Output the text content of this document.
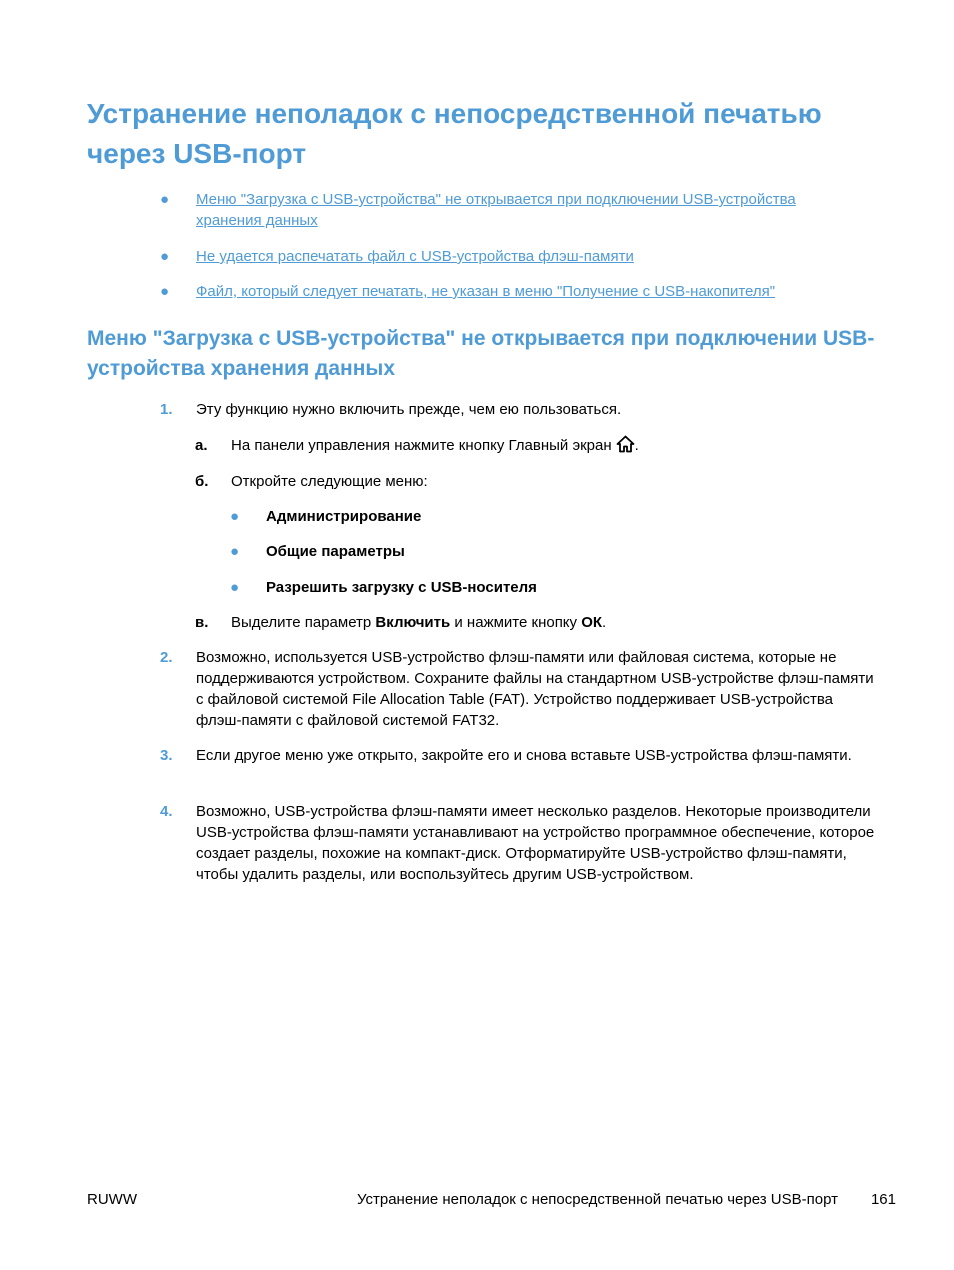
Устранение неполадок с непосредственной печатью через USB-порт
● Меню "Загрузка с USB-устройства" не открывается при подключении USB-устройства хранения данных
● Не удается распечатать файл с USB-устройства флэш-памяти
● Файл, который следует печатать, не указан в меню "Получение с USB-накопителя"
Меню "Загрузка с USB-устройства" не открывается при подключении USB-устройства хранения данных
1. Эту функцию нужно включить прежде, чем ею пользоваться.
а. На панели управления нажмите кнопку Главный экран .
б. Откройте следующие меню:
● Администрирование
● Общие параметры
● Разрешить загрузку с USB-носителя
в. Выделите параметр Включить и нажмите кнопку ОК.
2. Возможно, используется USB-устройство флэш-памяти или файловая система, которые не поддерживаются устройством. Сохраните файлы на стандартном USB-устройстве флэш-памяти с файловой системой File Allocation Table (FAT). Устройство поддерживает USB-устройства флэш-памяти с файловой системой FAT32.
3. Если другое меню уже открыто, закройте его и снова вставьте USB-устройства флэш-памяти.
4. Возможно, USB-устройства флэш-памяти имеет несколько разделов. Некоторые производители USB-устройства флэш-памяти устанавливают на устройство программное обеспечение, которое создает разделы, похожие на компакт-диск. Отформатируйте USB-устройство флэш-памяти, чтобы удалить разделы, или воспользуйтесь другим USB-устройством.
RUWW	Устранение неполадок с непосредственной печатью через USB-порт 161
